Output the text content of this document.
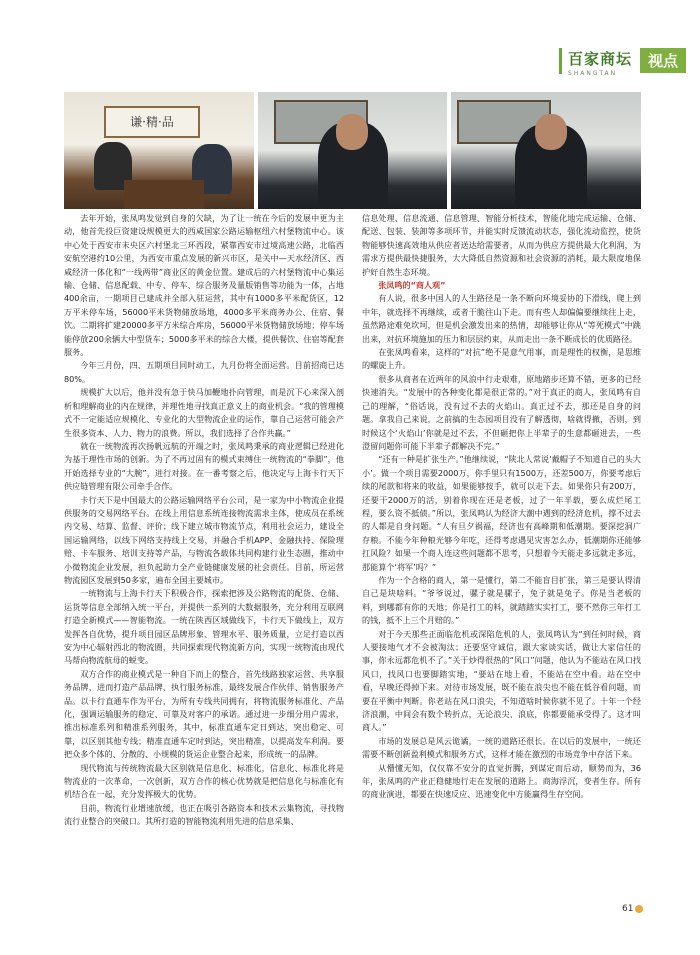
百家商坛
SHANGTAN
视点
谦·精·品

去年开始，张凤鸣发觉到自身的欠缺，为了让一统在今后的发展中更为主动，他首先投巨资建设规模更大的西咸国家公路运输枢纽六村堡物流中心。该中心处于西安市未央区六村堡北三环西段，紧靠西安市过境高速公路，北临西安航空港约10公里，为西安市重点发展的新兴市区，是关中—天水经济区、西咸经济一体化和“一线两带”商业区的黄金位置。建成后的六村堡物流中心集运输、仓储、信息配载、中专、停车、综合服务及量版销售等功能为一体，占地400余亩，一期项目已建成并全部入驻运营，其中有1000多平米配货区，12万平米停车场，56000平米货物储放场地，4000多平米商务办公、住宿、餐饮。二期将扩建20000多平方米综合库房，56000平米货物储放场地；停车场能停放200余辆大中型货车；5000多平米的综合大楼，提供餐饮、住宿等配套服务。

今年三月份，四、五期项目同时动工，九月份将全面运营。目前招商已达80%。

规模扩大以后，他并没有急于快马加鞭地扑向管理，而是沉下心来深入剖析和理解商业的内在规律，并理性地寻找真正意义上的商业机会。“我的管理模式不一定能适应规模化、专业化的大型物流企业的运作，靠自己运营可能会产生很多资本、人力、物力的浪费。所以，我们选择了合作共赢。”

就在一统物流再次扬帆远航的开端之时，张凤鸣秉承的商业逻辑已经进化为基于理性市场的创新。为了不再过固有的模式束缚住一统物流的“拳脚”，他开始选择专业的“大腕”，进行对接。在一番考察之后，他决定与上海卡行天下供应链管理有限公司牵手合作。

卡行天下是中国最大的公路运输网络平台公司，是一家为中小物流企业提供服务的交易网络平台。在线上用信息系统连接物流需求主体，使成员在系统内交易、结算、监督、评价；线下建立城市物流节点，利用社会运力，建设全国运输网络，以线下网络支持线上交易，并融合手机APP、金融扶持、保险理赔、卡车服务、培训支持等产品，与物流各载体共同构建行业生态圈，推动中小微物流企业发展，担负起助力全产业链健康发展的社会责任。目前，所运营物流园区发展到50多家，遍布全国主要城市。

一统物流与上海卡行天下积极合作，探索把涉及公路物流的配货、仓储、运货等信息全部纳入统一平台，并提供一系列的大数据服务，充分利用互联网打造全新模式——智能物流。一统在陕西区域做线下，卡行天下做线上，双方发挥各自优势，提升项目园区品牌形象、管理水平、服务质量，立足打造以西安为中心辐射西北的物流圈，共同探索现代物流新方向，实现一统物流由现代马帮向物流航母的蜕变。

双方合作的商业模式是一种自下而上的整合，首先线路独家运营、共享服务品牌，进而打造产品品牌、执行服务标准，最终发展合作伙伴、销售服务产品。以卡行直通车作为平台，为所有专线共同拥有，将物流服务标准化、产品化，强调运输服务的稳定、可靠及对客户的承诺。通过进一步细分用户需求，推出标准系列和精准系列服务，其中，标准直通车定日到达，突出稳定、可靠，以区别其他专线；精准直通车定时到达，突出精准，以提高发车利润。要把众多个体的、分散的、小规模的货运企业整合起来，形成统一的品牌。

现代物流与传统物流最大区别就是信息化、标准化，信息化、标准化将是物流业的一次革命，一次创新，双方合作的核心优势就是把信息化与标准化有机结合在一起，充分发挥极大的优势。

目前，物流行业增速放缓，也正在吸引各路资本和技术云集物流，寻找物流行业整合的突破口。其所打造的智能物流利用先进的信息采集、

信息处理、信息流通、信息管理、智能分析技术，智能化地完成运输、仓储、配送、包装、装卸等多项环节，并能实时反馈流动状态，强化流动监控，使货物能够快速高效地从供应者送达给需要者，从而为供应方提供最大化利润，为需求方提供最快捷服务，大大降低自然资源和社会资源的消耗，最大限度地保护好自然生态环境。

张凤鸣的“商人观”

有人说，很多中国人的人生路径是一条不断向环境妥协的下滑线，爬上到中年，就选择不再继续，或者干脆往山下走。而有些人却偏偏要继续往上走，虽然路途难免坎坷，但是机会激发出来的热情，却能够让你从“等死模式”中跳出来，对抗环境施加的压力和层层约束，从而走出一条不断成长的优质路径。

在张凤鸣看来，这样的“对抗”绝不是意气用事，而是理性的权衡，是思维的螺旋上升。

很多从商者在近两年的风浪中行走艰难，原地踏步还算不错，更多的已经快速消失。“发展中的各种变化都是很正常的。”对于真正的商人，张凤鸣有自己的理解，“俗话说，没有过不去的火焰山。真正过不去，那还是自身的问题。拿我自己来说，之前搞的生态园项目没有了解透彻，啥就得撤，否则，到时候这个‘火焰山’你就是过不去，不但砸把你上半辈子的生意都砸进去，一些澄留问题你可能下半辈子都解决不完。”

“还有一种是扩张生产。”他继续说，“陕北人常说‘戴帽子不知道自己的头大小’。做一个项目需要2000万，你手里只有1500万，还差500万，你要考虑后续的尾款和将来的收益，如果能够按手，就可以走下去。如果你只有200万，还要干2000万的活，别着你现在还是老板，过了一年半载，要么成烂尾工程，要么资不抵债。”所以，张凤鸣认为经济大潮中遇到的经济危机，撑不过去的人都是自身问题。“人有旦夕祸福，经济也有高峰期和低潮期。要深挖洞广存粮。不能今年种粮光够今年吃，还得考虑遇见灾害怎么办，低潮期你还能够扛风险？如果一个商人连这些问题都不思考，只想着今天能走多远就走多远，那能算个‘将军’吗？”

作为一个合格的商人，第一是懂行，第二不能盲目扩张，第三是要认得清自己是块啥料。“爷爷说过，骡子就是骡子，兔子就是兔子。你是当老板的料，到哪都有你的天地；你是打工的料，就踏踏实实打工，要不然你三年打工的钱，抵不上三个月赔的。”

对于今天那些正面临危机或深陷危机的人，张凤鸣认为“到任何时候，商人要接地气才不会被淘汰；还要坚守诚信，跟大家谈实话，做让大家信任的事，你永远都危机不了。”关于炒得很热的“风口”问题，他认为不能站在风口找风口，找风口也要脚踏实地，“要站在地上看，不能站在空中看。站在空中看，早晚还得掉下来。对待市场发展，既不能在浪尖也不能在低谷看问题，而要在平衡中判断。你老站在风口浪尖，不知道啥时候你就不见了。十年一个经济浪潮，中间会有数个转折点，无论浪尖、浪底，你都要能承受得了。这才叫商人。”

市场的发展总是风云诡谲，一统的道路还很长。在以后的发展中，一统还需要不断创新盈利模式和服务方式，这样才能在激烈的市场竞争中存活下来。

从懵懂无知，仅仅靠不安分的直觉折腾，到谋定而后动，顺势而为，36年，张凤鸣的产业正稳健地行走在发展的道路上。商海浮沉，变者生存。所有的商业演进，都要在快速反应、迅速变化中方能赢得生存空间。

61
